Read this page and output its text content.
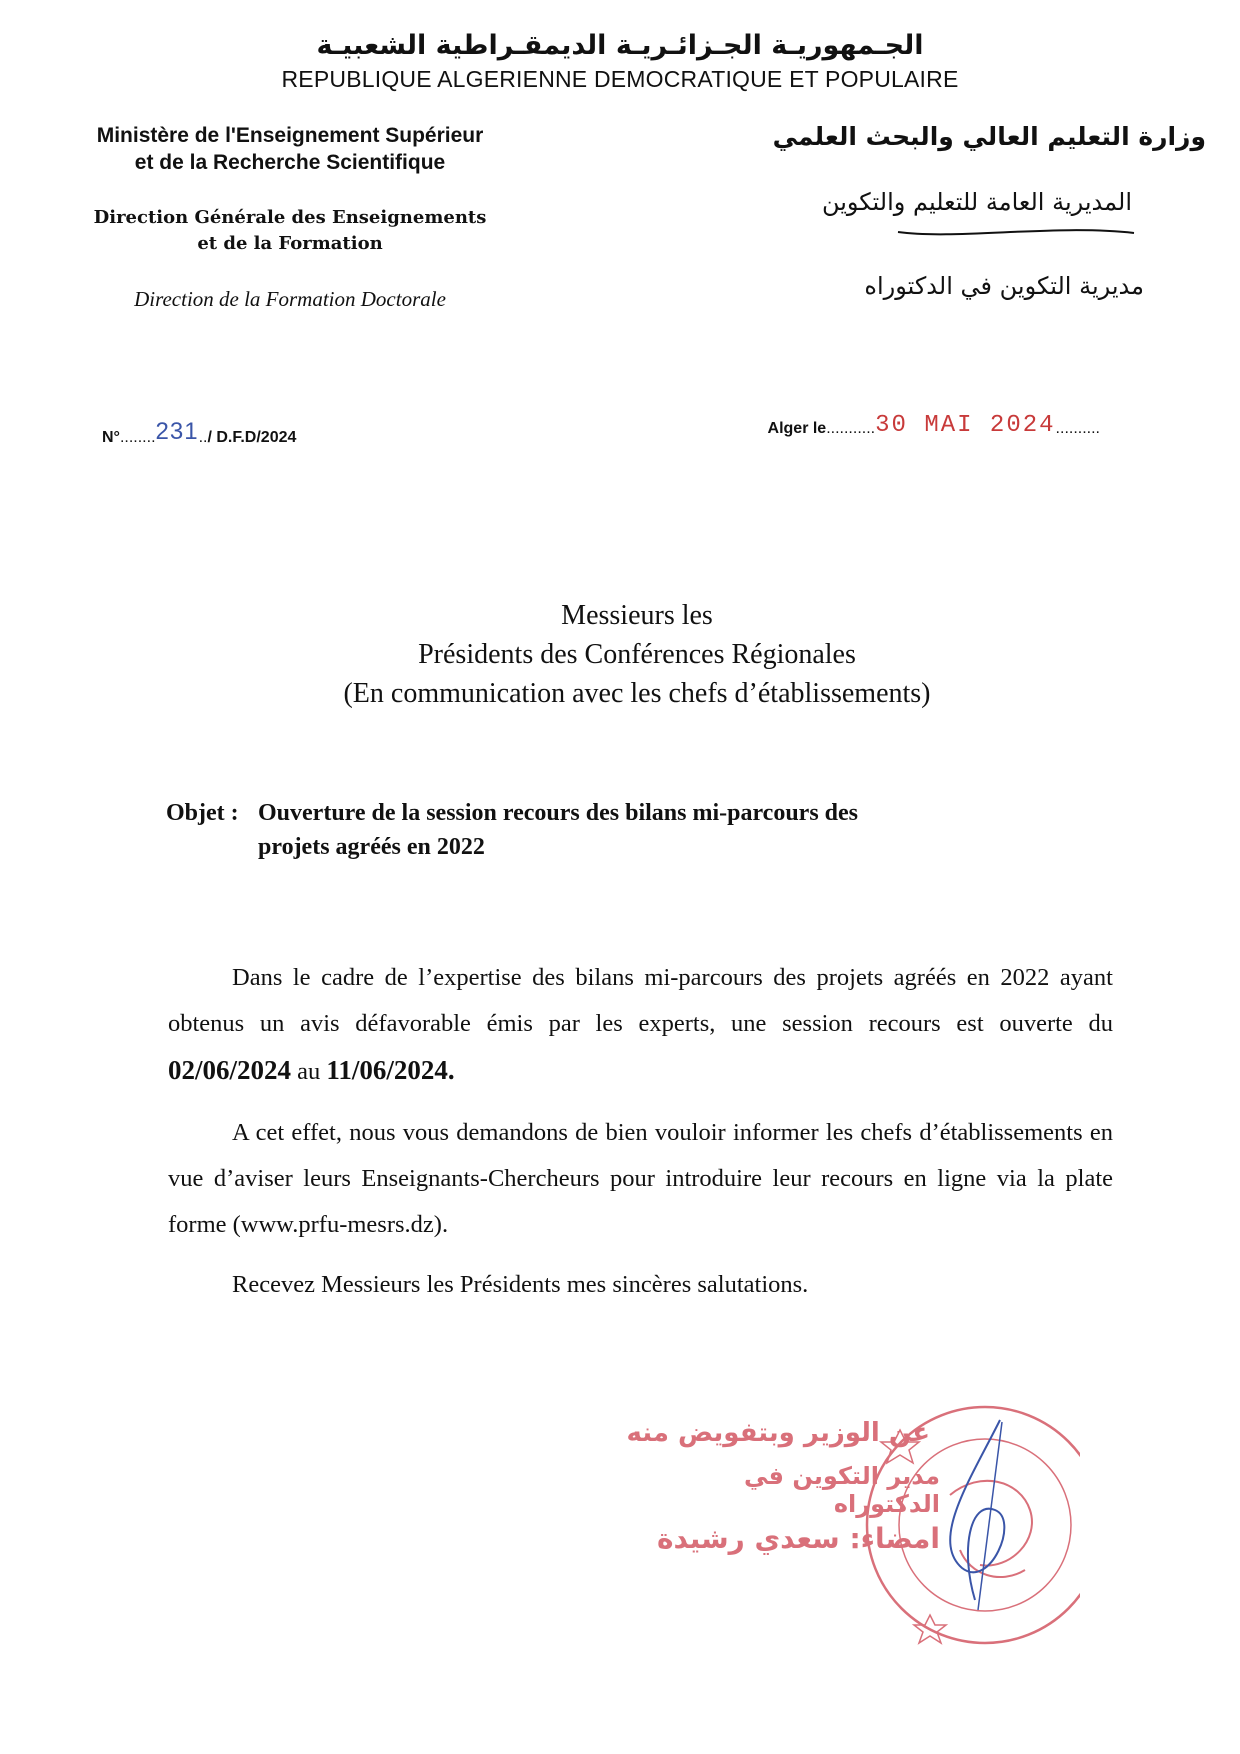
الجـمهوريـة الجـزائـريـة الديمقـراطية الشعبيـة
REPUBLIQUE ALGERIENNE DEMOCRATIQUE ET POPULAIRE
Ministère de l'Enseignement Supérieur
et de la Recherche Scientifique
Direction Générale des Enseignements
et de la Formation
Direction de la Formation Doctorale
وزارة التعليم العالي والبحث العلمي
المديرية العامة للتعليم والتكوين
مديرية التكوين في الدكتوراه
N°........231../ D.F.D/2024
Alger le...........30 MAI 2024..........
Messieurs les
Présidents des Conférences Régionales
(En communication avec les chefs d’établissements)
Objet : Ouverture de la session recours des bilans mi-parcours des
projets agréés en 2022
Dans le cadre de l’expertise des bilans mi-parcours des projets agréés en 2022 ayant obtenus un avis défavorable émis par les experts, une session recours est ouverte du 02/06/2024 au 11/06/2024.
A cet effet, nous vous demandons de bien vouloir informer les chefs d’établissements en vue d’aviser leurs Enseignants-Chercheurs pour introduire leur recours en ligne via la plate forme (www.prfu-mesrs.dz).
Recevez Messieurs les Présidents mes sincères salutations.
عن الوزير وبتفويض منه
مدير التكوين في الدكتوراه
امضاء: سعدي رشيدة
